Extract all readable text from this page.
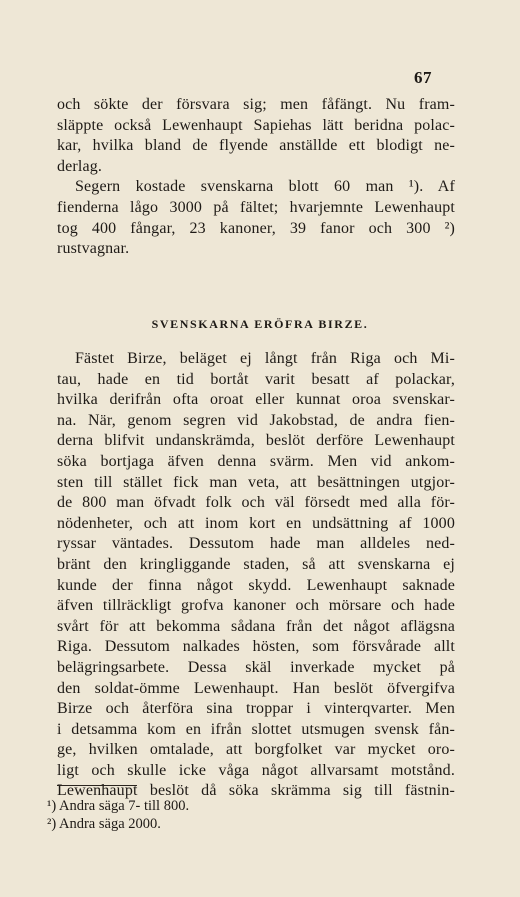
67
och sökte der försvara sig; men fåfängt. Nu fram-
släppte också Lewenhaupt Sapiehas lätt beridna polac-
kar, hvilka bland de flyende anställde ett blodigt ne-
derlag.
Segern kostade svenskarna blott 60 man ¹). Af
fienderna lågo 3000 på fältet; hvarjemnte Lewenhaupt
tog 400 fångar, 23 kanoner, 39 fanor och 300 ²)
rustvagnar.
SVENSKARNA ERÖFRA BIRZE.
Fästet Birze, beläget ej långt från Riga och Mi-
tau, hade en tid bortåt varit besatt af polackar,
hvilka derifrån ofta oroat eller kunnat oroa svenskar-
na. När, genom segren vid Jakobstad, de andra fien-
derna blifvit undanskrämda, beslöt derföre Lewenhaupt
söka bortjaga äfven denna svärm. Men vid ankom-
sten till stället fick man veta, att besättningen utgjor-
de 800 man öfvadt folk och väl försedt med alla för-
nödenheter, och att inom kort en undsättning af 1000
ryssar väntades. Dessutom hade man alldeles ned-
bränt den kringliggande staden, så att svenskarna ej
kunde der finna något skydd. Lewenhaupt saknade
äfven tillräckligt grofva kanoner och mörsare och hade
svårt för att bekomma sådana från det något aflägsna
Riga. Dessutom nalkades hösten, som försvårade allt
belägringsarbete. Dessa skäl inverkade mycket på
den soldat-ömme Lewenhaupt. Han beslöt öfvergifva
Birze och återföra sina troppar i vinterqvarter. Men
i detsamma kom en ifrån slottet utsmugen svensk fån-
ge, hvilken omtalade, att borgfolket var mycket oro-
ligt och skulle icke våga något allvarsamt motstånd.
Lewenhaupt beslöt då söka skrämma sig till fästnin-
¹) Andra säga 7- till 800.
²) Andra säga 2000.
